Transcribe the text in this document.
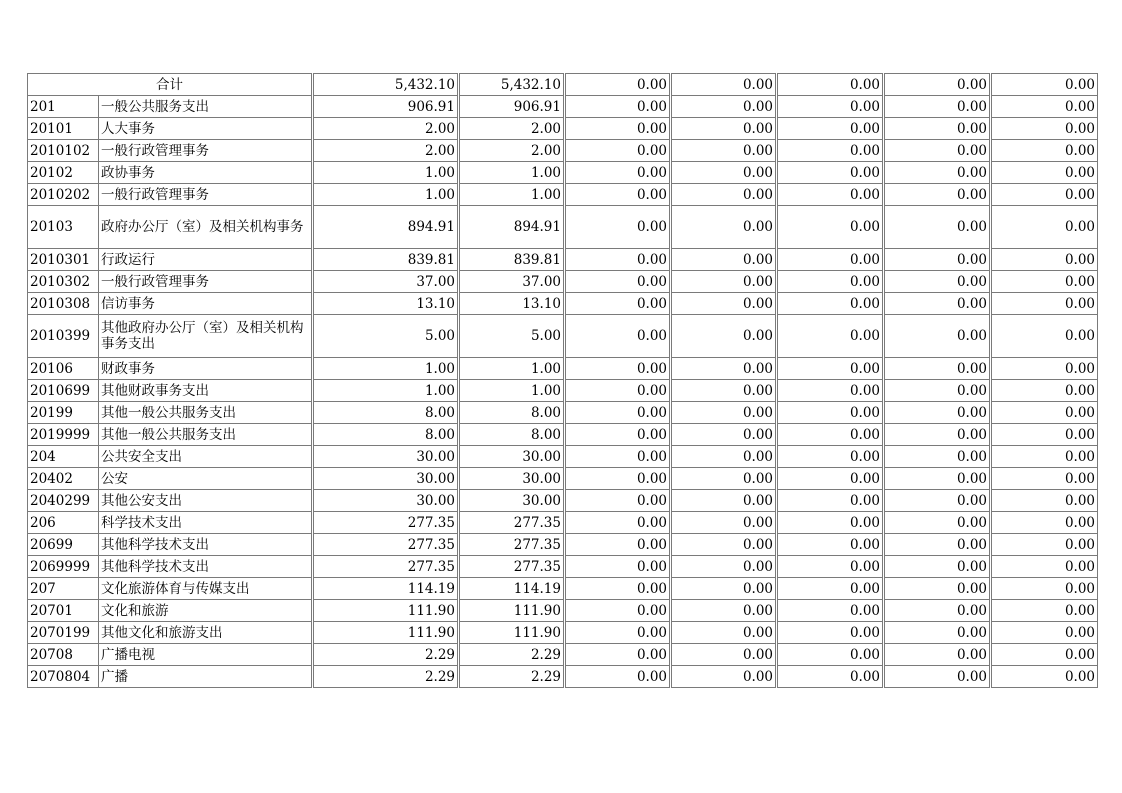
合计		5,432.10	5,432.10	0.00	0.00	0.00	0.00	0.00
201	一般公共服务支出	906.91	906.91	0.00	0.00	0.00	0.00	0.00
20101	人大事务	2.00	2.00	0.00	0.00	0.00	0.00	0.00
2010102	一般行政管理事务	2.00	2.00	0.00	0.00	0.00	0.00	0.00
20102	政协事务	1.00	1.00	0.00	0.00	0.00	0.00	0.00
2010202	一般行政管理事务	1.00	1.00	0.00	0.00	0.00	0.00	0.00
20103	政府办公厅（室）及相关机构事务	894.91	894.91	0.00	0.00	0.00	0.00	0.00
2010301	行政运行	839.81	839.81	0.00	0.00	0.00	0.00	0.00
2010302	一般行政管理事务	37.00	37.00	0.00	0.00	0.00	0.00	0.00
2010308	信访事务	13.10	13.10	0.00	0.00	0.00	0.00	0.00
2010399	其他政府办公厅（室）及相关机构事务支出	5.00	5.00	0.00	0.00	0.00	0.00	0.00
20106	财政事务	1.00	1.00	0.00	0.00	0.00	0.00	0.00
2010699	其他财政事务支出	1.00	1.00	0.00	0.00	0.00	0.00	0.00
20199	其他一般公共服务支出	8.00	8.00	0.00	0.00	0.00	0.00	0.00
2019999	其他一般公共服务支出	8.00	8.00	0.00	0.00	0.00	0.00	0.00
204	公共安全支出	30.00	30.00	0.00	0.00	0.00	0.00	0.00
20402	公安	30.00	30.00	0.00	0.00	0.00	0.00	0.00
2040299	其他公安支出	30.00	30.00	0.00	0.00	0.00	0.00	0.00
206	科学技术支出	277.35	277.35	0.00	0.00	0.00	0.00	0.00
20699	其他科学技术支出	277.35	277.35	0.00	0.00	0.00	0.00	0.00
2069999	其他科学技术支出	277.35	277.35	0.00	0.00	0.00	0.00	0.00
207	文化旅游体育与传媒支出	114.19	114.19	0.00	0.00	0.00	0.00	0.00
20701	文化和旅游	111.90	111.90	0.00	0.00	0.00	0.00	0.00
2070199	其他文化和旅游支出	111.90	111.90	0.00	0.00	0.00	0.00	0.00
20708	广播电视	2.29	2.29	0.00	0.00	0.00	0.00	0.00
2070804	广播	2.29	2.29	0.00	0.00	0.00	0.00	0.00
